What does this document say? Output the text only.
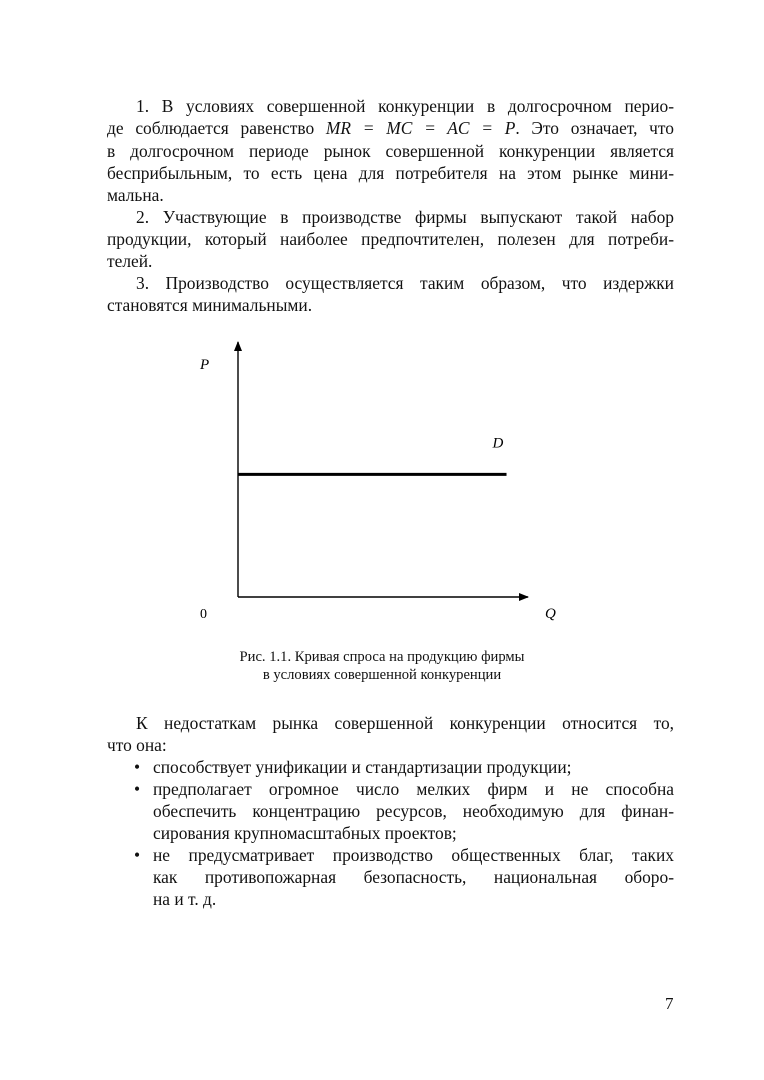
1. В условиях совершенной конкуренции в долгосрочном перио-
де соблюдается равенство MR = MC = AC = P. Это означает, что
в долгосрочном периоде рынок совершенной конкуренции является
бесприбыльным, то есть цена для потребителя на этом рынке мини-
мальна.
2. Участвующие в производстве фирмы выпускают такой набор
продукции, который наиболее предпочтителен, полезен для потреби-
телей.
3. Производство осуществляется таким образом, что издержки
становятся минимальными.
P
Q
0
D
Рис. 1.1. Кривая спроса на продукцию фирмы
в условиях совершенной конкуренции
К недостаткам рынка совершенной конкуренции относится то,
что она:
• способствует унификации и стандартизации продукции;
• предполагает огромное число мелких фирм и не способна
обеспечить концентрацию ресурсов, необходимую для финан-
сирования крупномасштабных проектов;
• не предусматривает производство общественных благ, таких
как противопожарная безопасность, национальная оборо-
на и т. д.
7
